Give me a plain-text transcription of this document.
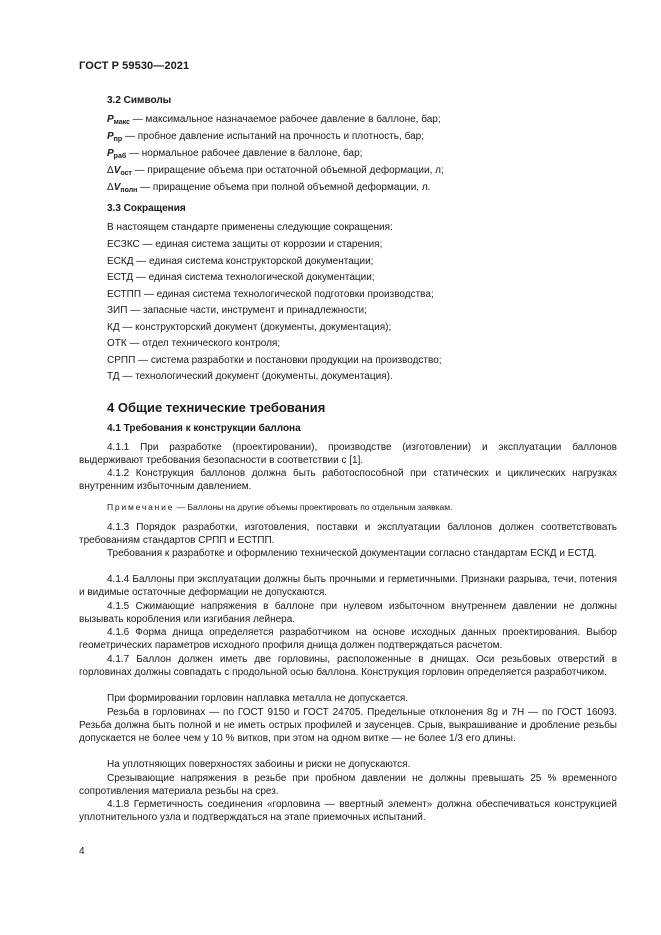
ГОСТ Р 59530—2021
3.2 Символы
$P_{макс}$ — максимальное назначаемое рабочее давление в баллоне, бар;
$P_{пр}$ — пробное давление испытаний на прочность и плотность, бар;
$P_{раб}$ — нормальное рабочее давление в баллоне, бар;
$\Delta V_{ост}$ — приращение объема при остаточной объемной деформации, л;
$\Delta V_{полн}$ — приращение объема при полной объемной деформации, л.
3.3 Сокращения
В настоящем стандарте применены следующие сокращения:
ЕСЗКС — единая система защиты от коррозии и старения;
ЕСКД — единая система конструкторской документации;
ЕСТД — единая система технологической документации;
ЕСТПП — единая система технологической подготовки производства;
ЗИП — запасные части, инструмент и принадлежности;
КД — конструкторский документ (документы, документация);
ОТК — отдел технического контроля;
СРПП — система разработки и постановки продукции на производство;
ТД — технологический документ (документы, документация).
4 Общие технические требования
4.1 Требования к конструкции баллона
4.1.1 При разработке (проектировании), производстве (изготовлении) и эксплуатации баллонов выдерживают требования безопасности в соответствии с [1].
4.1.2 Конструкция баллонов должна быть работоспособной при статических и циклических нагрузках внутренним избыточным давлением.
Примечание — Баллоны на другие объемы проектировать по отдельным заявкам.
4.1.3 Порядок разработки, изготовления, поставки и эксплуатации баллонов должен соответствовать требованиям стандартов СРПП и ЕСТПП.
Требования к разработке и оформлению технической документации согласно стандартам ЕСКД и ЕСТД.
4.1.4 Баллоны при эксплуатации должны быть прочными и герметичными. Признаки разрыва, течи, потения и видимые остаточные деформации не допускаются.
4.1.5 Сжимающие напряжения в баллоне при нулевом избыточном внутреннем давлении не должны вызывать коробления или изгибания лейнера.
4.1.6 Форма днища определяется разработчиком на основе исходных данных проектирования. Выбор геометрических параметров исходного профиля днища должен подтверждаться расчетом.
4.1.7 Баллон должен иметь две горловины, расположенные в днищах. Оси резьбовых отверстий в горловинах должны совпадать с продольной осью баллона. Конструкция горловин определяется разработчиком.
При формировании горловин наплавка металла не допускается.
Резьба в горловинах — по ГОСТ 9150 и ГОСТ 24705. Предельные отклонения 8g и 7H — по ГОСТ 16093. Резьба должна быть полной и не иметь острых профилей и заусенцев. Срыв, выкрашивание и дробление резьбы допускается не более чем у 10 % витков, при этом на одном витке — не более 1/3 его длины.
На уплотняющих поверхностях забоины и риски не допускаются.
Срезывающие напряжения в резьбе при пробном давлении не должны превышать 25 % временного сопротивления материала резьбы на срез.
4.1.8 Герметичность соединения «горловина — ввертный элемент» должна обеспечиваться конструкцией уплотнительного узла и подтверждаться на этапе приемочных испытаний.
4
